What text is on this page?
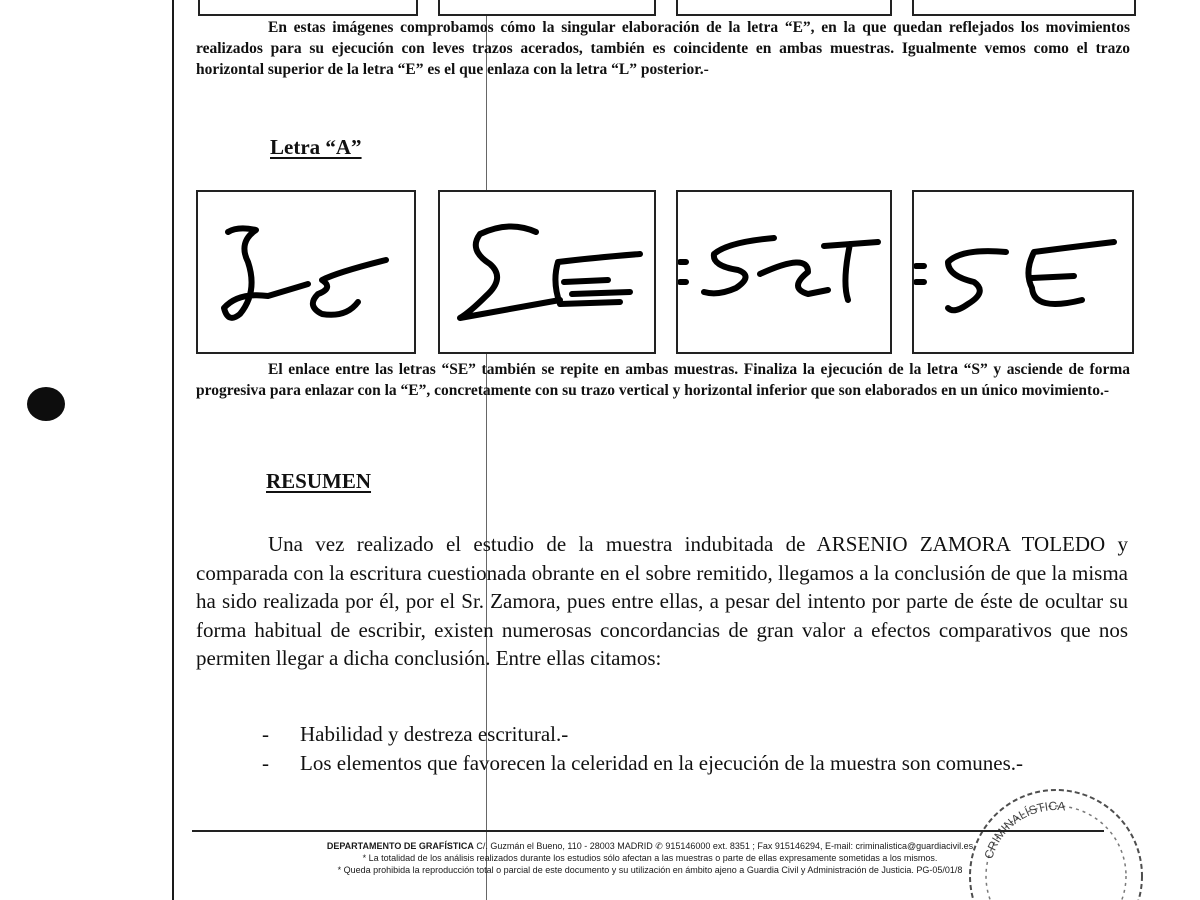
En estas imágenes comprobamos cómo la singular elaboración de la letra “E”, en la que quedan reflejados los movimientos realizados para su ejecución con leves trazos acerados, también es coincidente en ambas muestras. Igualmente vemos como el trazo horizontal superior de la letra “E” es el que enlaza con la letra “L” posterior.-

Letra “A”

El enlace entre las letras “SE” también se repite en ambas muestras. Finaliza la ejecución de la letra “S” y asciende de forma progresiva para enlazar con la “E”, concretamente con su trazo vertical y horizontal inferior que son elaborados en un único movimiento.-

RESUMEN

Una vez realizado el estudio de la muestra indubitada de ARSENIO ZAMORA TOLEDO y comparada con la escritura cuestionada obrante en el sobre remitido, llegamos a la conclusión de que la misma ha sido realizada por él, por el Sr. Zamora, pues entre ellas, a pesar del intento por parte de éste de ocultar su forma habitual de escribir, existen numerosas concordancias de gran valor a efectos comparativos que nos permiten llegar a dicha conclusión. Entre ellas citamos:

- Habilidad y destreza escritural.-
- Los elementos que favorecen la celeridad en la ejecución de la muestra son comunes.-
DEPARTAMENTO DE GRAFÍSTICA C/. Guzmán el Bueno, 110 - 28003 MADRID ✆ 915146000 ext. 8351 ; Fax 915146294, E-mail: criminalistica@guardiacivil.es
* La totalidad de los análisis realizados durante los estudios sólo afectan a las muestras o parte de ellas expresamente sometidas a los mismos.
* Queda prohibida la reproducción total o parcial de este documento y su utilización en ámbito ajeno a Guardia Civil y Administración de Justicia. PG-05/01/8
CRIMINALÍSTICA
